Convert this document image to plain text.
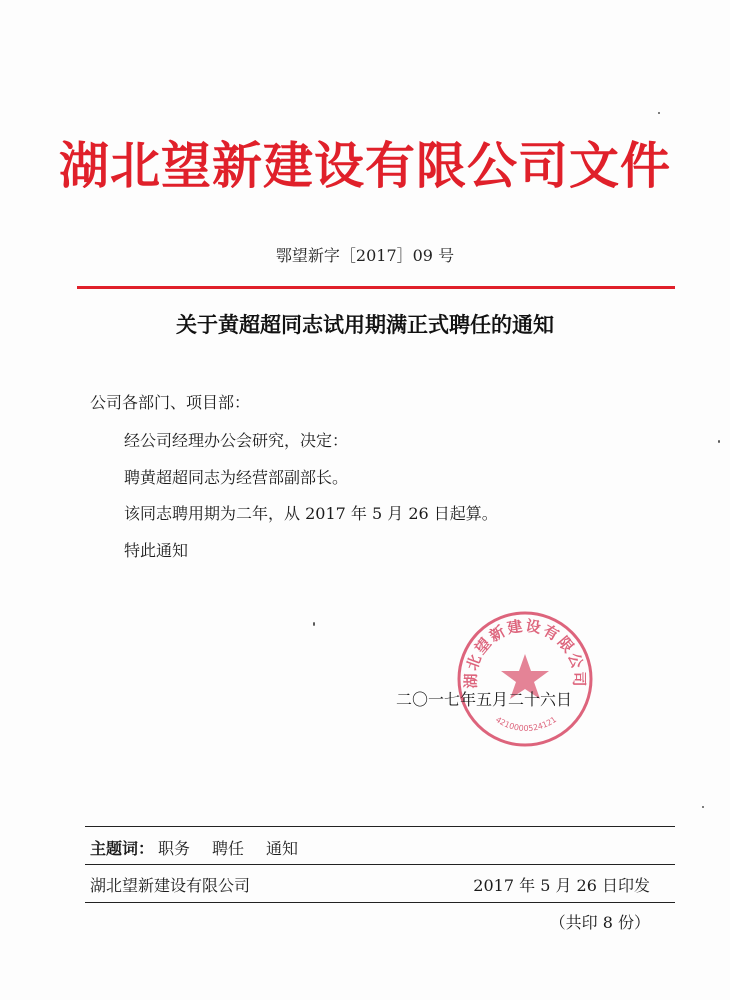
湖北望新建设有限公司文件
鄂望新字［2017］09 号
关于黄超超同志试用期满正式聘任的通知
公司各部门、项目部：
经公司经理办公会研究，决定：
聘黄超超同志为经营部副部长。
该同志聘用期为二年，从 2017 年 5 月 26 日起算。
特此通知
湖北望新建设有限公司
4210000524121
二〇一七年五月二十六日
主题词： 职务 聘任 通知
湖北望新建设有限公司	2017 年 5 月 26 日印发
（共印 8 份）
